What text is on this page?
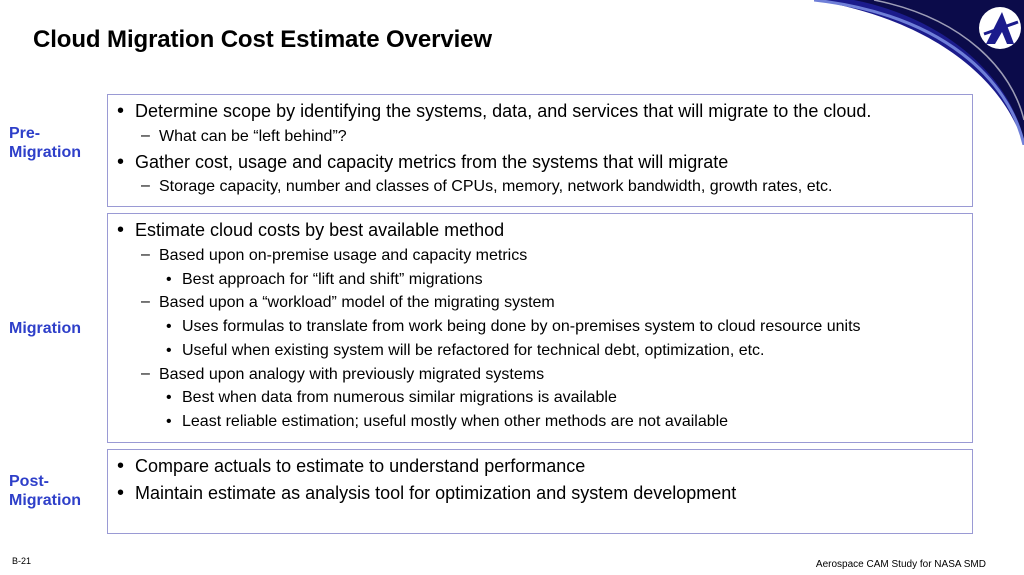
Cloud Migration Cost Estimate Overview
Pre-
Migration
• Determine scope by identifying the systems, data, and services that will migrate to the cloud.
– What can be “left behind”?
• Gather cost, usage and capacity metrics from the systems that will migrate
– Storage capacity, number and classes of CPUs, memory, network bandwidth, growth rates, etc.
Migration
• Estimate cloud costs by best available method
– Based upon on-premise usage and capacity metrics
• Best approach for “lift and shift” migrations
– Based upon a “workload” model of the migrating system
• Uses formulas to translate from work being done by on-premises system to cloud resource units
• Useful when existing system will be refactored for technical debt, optimization, etc.
– Based upon analogy with previously migrated systems
• Best when data from numerous similar migrations is available
• Least reliable estimation; useful mostly when other methods are not available
Post-
Migration
• Compare actuals to estimate to understand performance
• Maintain estimate as analysis tool for optimization and system development
B-21	Aerospace CAM Study for NASA SMD
